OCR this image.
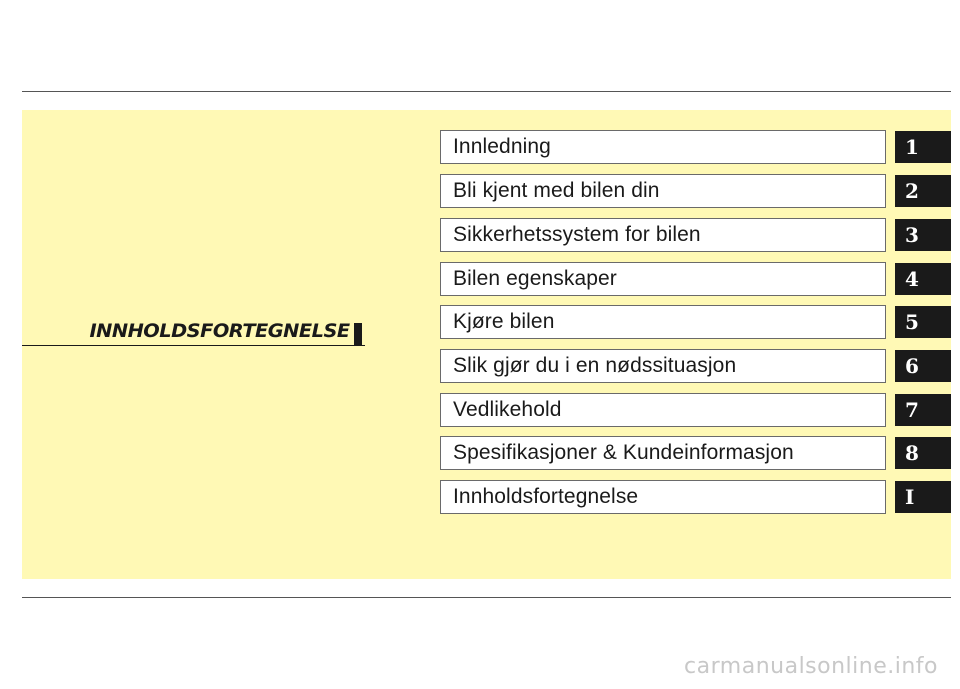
INNHOLDSFORTEGNELSE
Innledning	1
Bli kjent med bilen din	2
Sikkerhetssystem for bilen	3
Bilen egenskaper	4
Kjøre bilen	5
Slik gjør du i en nødssituasjon	6
Vedlikehold	7
Spesifikasjoner & Kundeinformasjon	8
Innholdsfortegnelse	I
carmanualsonline.info
